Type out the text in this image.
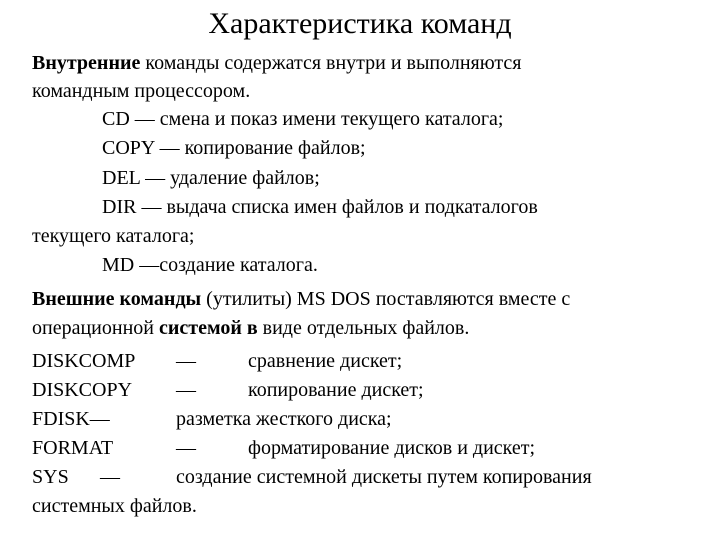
Характеристика команд
Внутренние команды содержатся внутри и выполняются
командным процессором.
CD — смена и показ имени текущего каталога;
COPY — копирование файлов;
DEL — удаление файлов;
DIR — выдача списка имен файлов и подкаталогов
текущего каталога;
MD —создание каталога.
Внешние команды (утилиты) MS DOS поставляются вместе с
операционной системой в виде отдельных файлов.
DISKCOMP —	сравнение дискет;
DISKCOPY —	копирование дискет;
FDISK—	разметка жесткого диска;
FORMAT	—	форматирование дисков и дискет;
SYS —	создание системной дискеты путем копирования
системных файлов.
